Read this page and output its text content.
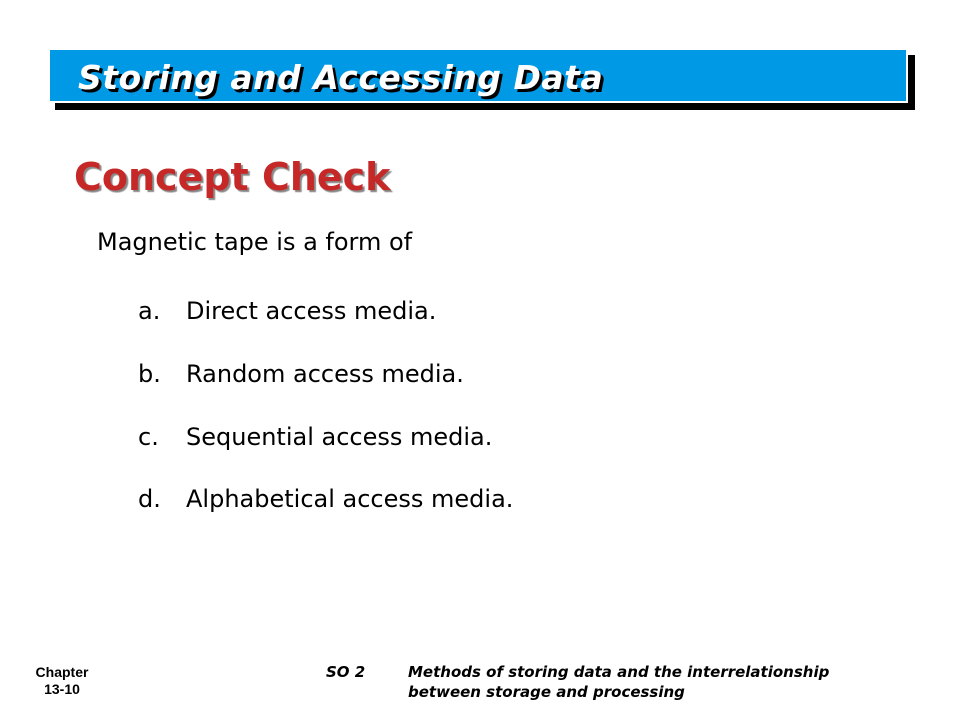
Storing and Accessing Data
Concept Check
Magnetic tape is a form of
a.	Direct access media.
b.	Random access media.
c.	Sequential access media.
d.	Alphabetical access media.
Chapter
13-10
SO 2	Methods of storing data and the interrelationship
between storage and processing
